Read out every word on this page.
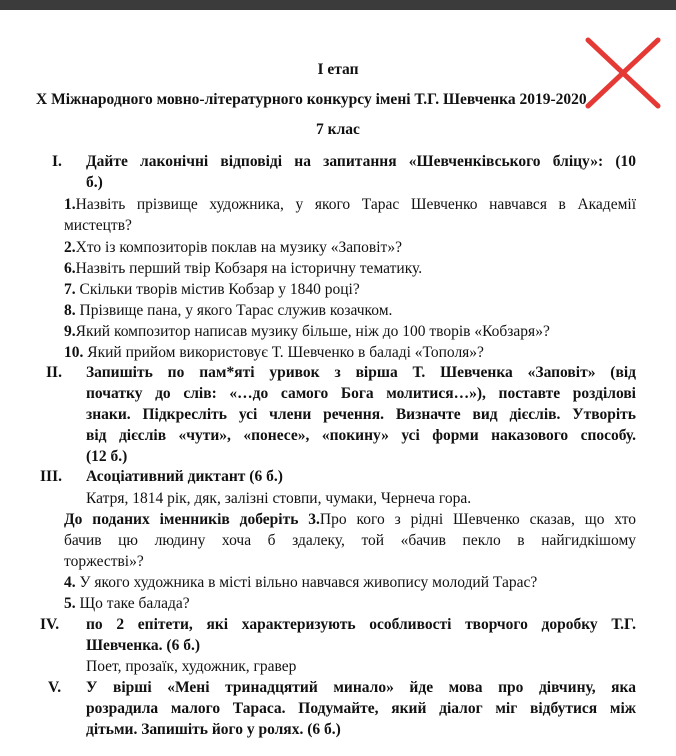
I етап
X Міжнародного мовно-літературного конкурсу імені Т.Г. Шевченка 2019-2020
7 клас
I. Дайте лаконічні відповіді на запитання «Шевченківського бліцу»: (10
б.)
1.Назвіть прізвище художника, у якого Тарас Шевченко навчався в Академії
мистецтв?
2.Хто із композиторів поклав на музику «Заповіт»?
6.Назвіть перший твір Кобзаря на історичну тематику.
7. Скільки творів містив Кобзар у 1840 році?
8. Прізвище пана, у якого Тарас служив козачком.
9.Який композитор написав музику більше, ніж до 100 творів «Кобзаря»?
10. Який прийом використовує Т. Шевченко в баладі «Тополя»?
II. Запишіть по пам*яті уривок з вірша Т. Шевченка «Заповіт» (від
початку до слів: «…до самого Бога молитися…»), поставте розділові
знаки. Підкресліть усі члени речення. Визначте вид дієслів. Утворіть
від дієслів «чути», «понесе», «покину» усі форми наказового способу.
(12 б.)
III. Асоціативний диктант (6 б.)
Катря, 1814 рік, дяк, залізні стовпи, чумаки, Чернеча гора.
До поданих іменників доберіть 3.Про кого з рідні Шевченко сказав, що хто
бачив цю людину хоча б здалеку, той «бачив пекло в найгидкішому
торжестві»?
4. У якого художника в місті вільно навчався живопису молодий Тарас?
5. Що таке балада?
IV. по 2 епітети, які характеризують особливості творчого доробку Т.Г.
Шевченка. (6 б.)
Поет, прозаїк, художник, гравер
V. У вірші «Мені тринадцятий минало» йде мова про дівчину, яка
розрадила малого Тараса. Подумайте, який діалог міг відбутися між
дітьми. Запишіть його у ролях. (6 б.)
